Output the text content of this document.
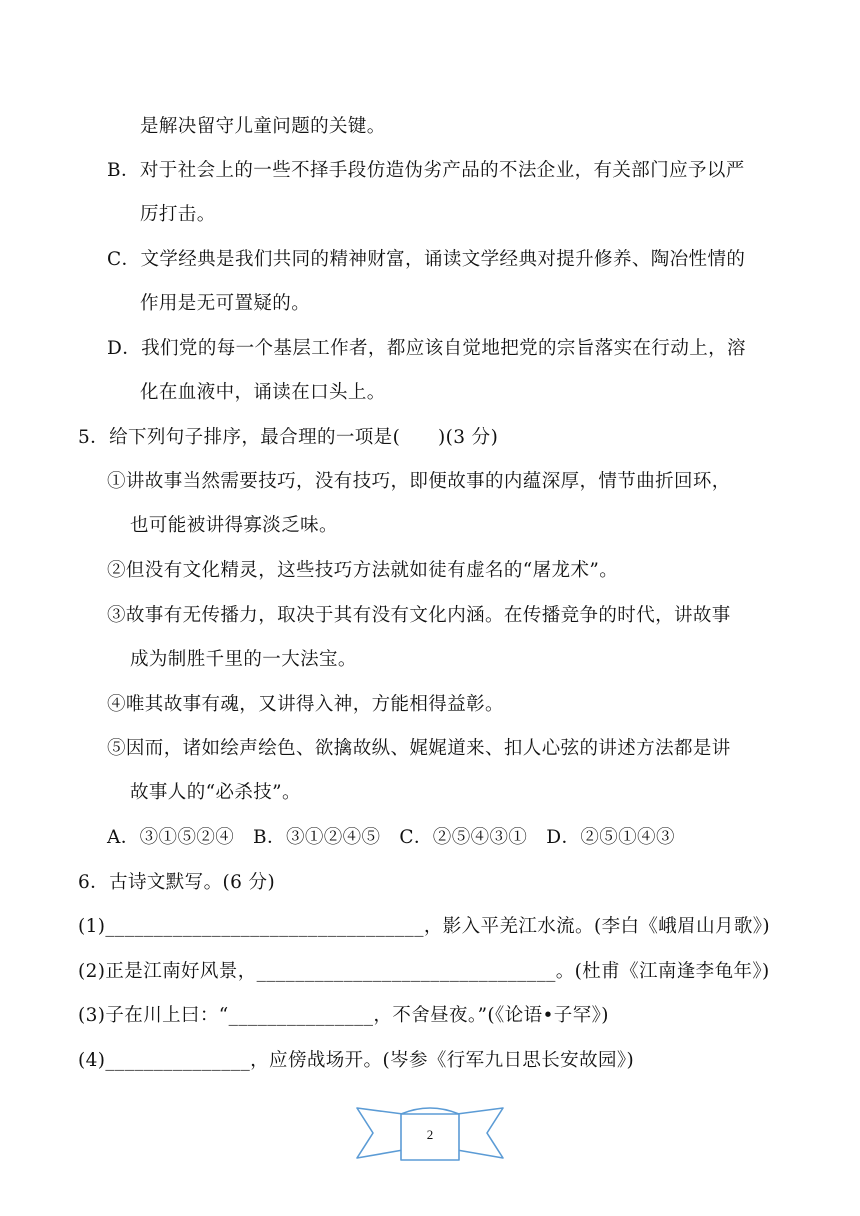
是解决留守儿童问题的关键。
B．对于社会上的一些不择手段仿造伪劣产品的不法企业，有关部门应予以严
厉打击。
C．文学经典是我们共同的精神财富，诵读文学经典对提升修养、陶冶性情的
作用是无可置疑的。
D．我们党的每一个基层工作者，都应该自觉地把党的宗旨落实在行动上，溶
化在血液中，诵读在口头上。
5．给下列句子排序，最合理的一项是(　　)(3 分)
①讲故事当然需要技巧，没有技巧，即便故事的内蕴深厚，情节曲折回环，
也可能被讲得寡淡乏味。
②但没有文化精灵，这些技巧方法就如徒有虚名的“屠龙术”。
③故事有无传播力，取决于其有没有文化内涵。在传播竞争的时代，讲故事
成为制胜千里的一大法宝。
④唯其故事有魂，又讲得入神，方能相得益彰。
⑤因而，诸如绘声绘色、欲擒故纵、娓娓道来、扣人心弦的讲述方法都是讲
故事人的“必杀技”。
A．③①⑤②④　B．③①②④⑤　C．②⑤④③①　D．②⑤①④③
6．古诗文默写。(6 分)
(1)_________________________________，影入平羌江水流。(李白《峨眉山月歌》)
(2)正是江南好风景，_______________________________。(杜甫《江南逢李龟年》)
(3)子在川上曰：“_______________，不舍昼夜。”(《论语•子罕》)
(4)_______________，应傍战场开。(岑参《行军九日思长安故园》)
2
